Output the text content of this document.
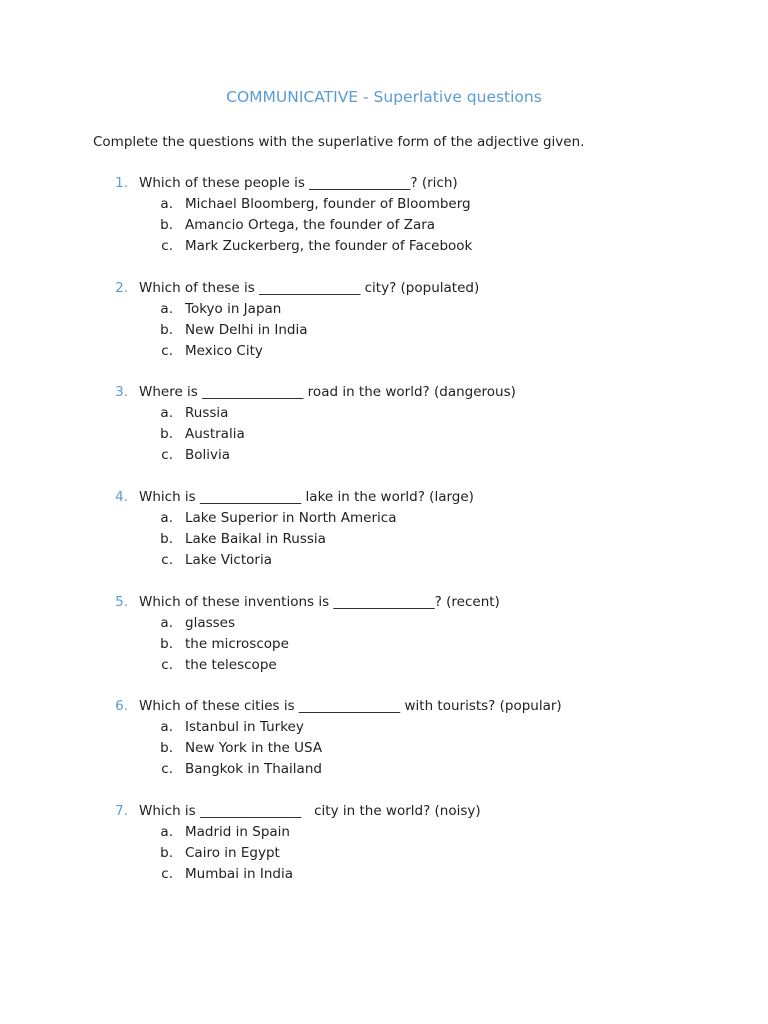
COMMUNICATIVE - Superlative questions
Complete the questions with the superlative form of the adjective given.
1. Which of these people is _______________? (rich)
a. Michael Bloomberg, founder of Bloomberg
b. Amancio Ortega, the founder of Zara
c. Mark Zuckerberg, the founder of Facebook
2. Which of these is _______________ city? (populated)
a. Tokyo in Japan
b. New Delhi in India
c. Mexico City
3. Where is _______________ road in the world? (dangerous)
a. Russia
b. Australia
c. Bolivia
4. Which is _______________ lake in the world? (large)
a. Lake Superior in North America
b. Lake Baikal in Russia
c. Lake Victoria
5. Which of these inventions is _______________? (recent)
a. glasses
b. the microscope
c. the telescope
6. Which of these cities is _______________ with tourists? (popular)
a. Istanbul in Turkey
b. New York in the USA
c. Bangkok in Thailand
7. Which is _______________   city in the world? (noisy)
a. Madrid in Spain
b. Cairo in Egypt
c. Mumbai in India
